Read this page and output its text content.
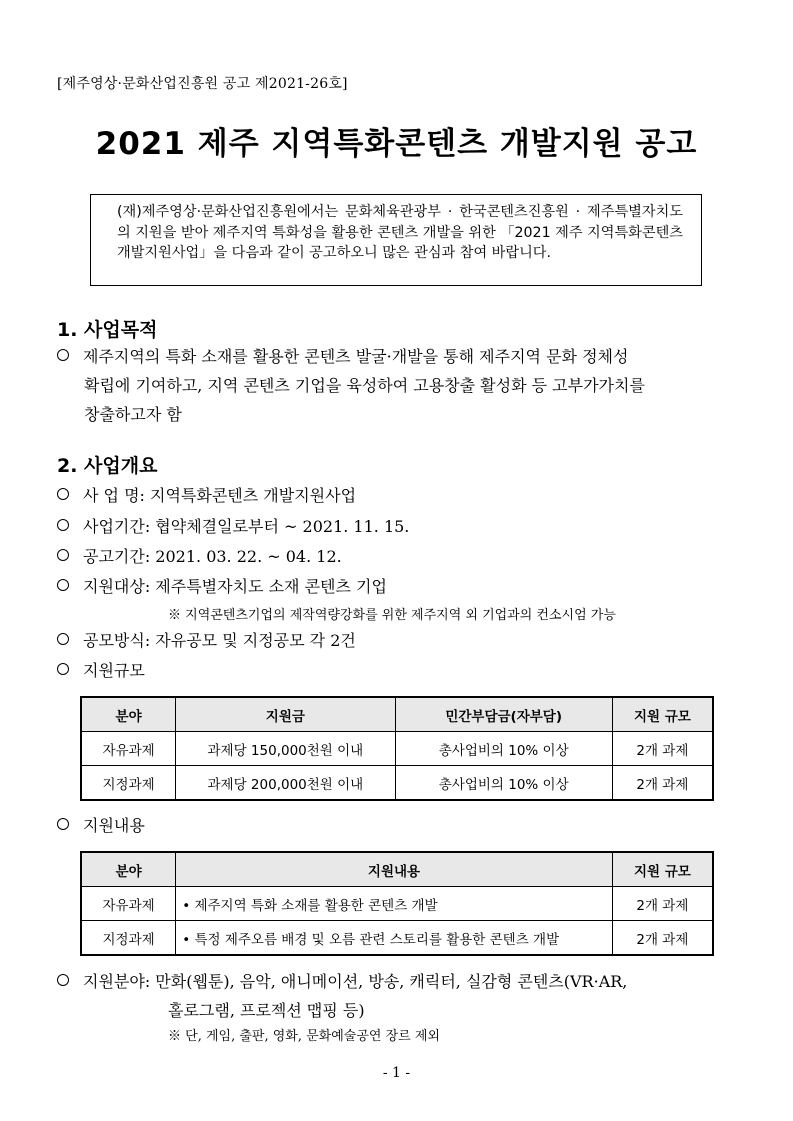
[제주영상·문화산업진흥원 공고 제2021-26호]
2021 제주 지역특화콘텐츠 개발지원 공고
(재)제주영상·문화산업진흥원에서는 문화체육관광부 · 한국콘텐츠진흥원 · 제주특별자치도의 지원을 받아 제주지역 특화성을 활용한 콘텐츠 개발을 위한 「2021 제주 지역특화콘텐츠 개발지원사업」을 다음과 같이 공고하오니 많은 관심과 참여 바랍니다.
1. 사업목적
제주지역의 특화 소재를 활용한 콘텐츠 발굴·개발을 통해 제주지역 문화 정체성
확립에 기여하고, 지역 콘텐츠 기업을 육성하여 고용창출 활성화 등 고부가가치를
창출하고자 함
2. 사업개요
사 업 명: 지역특화콘텐츠 개발지원사업
사업기간: 협약체결일로부터 ~ 2021. 11. 15.
공고기간: 2021. 03. 22. ~ 04. 12.
지원대상: 제주특별자치도 소재 콘텐츠 기업
※ 지역콘텐츠기업의 제작역량강화를 위한 제주지역 외 기업과의 컨소시엄 가능
공모방식: 자유공모 및 지정공모 각 2건
지원규모
분야	지원금	민간부담금(자부담)	지원 규모
자유과제	과제당 150,000천원 이내	총사업비의 10% 이상	2개 과제
지정과제	과제당 200,000천원 이내	총사업비의 10% 이상	2개 과제
지원내용
분야	지원내용	지원 규모
자유과제	• 제주지역 특화 소재를 활용한 콘텐츠 개발	2개 과제
지정과제	• 특정 제주오름 배경 및 오름 관련 스토리를 활용한 콘텐츠 개발	2개 과제
지원분야: 만화(웹툰), 음악, 애니메이션, 방송, 캐릭터, 실감형 콘텐츠(VR·AR,
홀로그램, 프로젝션 맵핑 등)
※ 단, 게임, 출판, 영화, 문화예술공연 장르 제외
- 1 -
